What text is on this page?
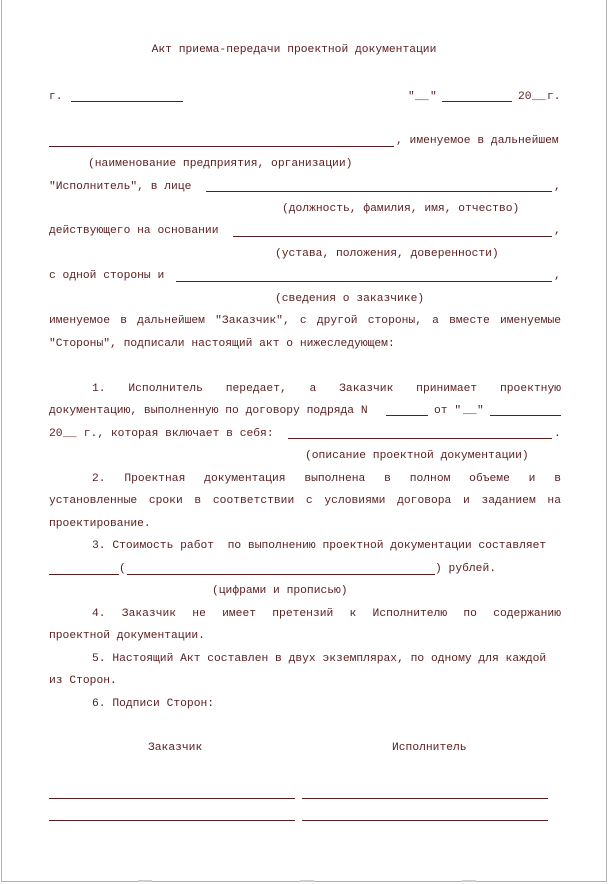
Акт приема-передачи проектной документации
г.	" __ "	20 __ г.
, именуемое в дальнейшем
(наименование предприятия, организации)
"Исполнитель", в лице	,
(должность, фамилия, имя, отчество)
действующего на основании	,
(устава, положения, доверенности)
с одной стороны и	,
(сведения о заказчике)
именуемое в дальнейшем "Заказчик", с другой стороны, а вместе именуемые
"Стороны", подписали настоящий акт о нижеследующем:
1. Исполнитель передает, а Заказчик принимает проектную
документацию, выполненную по договору подряда N	от " __ "
20 __ г., которая включает в себя:	.
(описание проектной документации)
2. Проектная документация выполнена в полном объеме и в
установленные сроки в соответствии с условиями договора и заданием на
проектирование.
3. Стоимость работ  по выполнению проектной документации составляет
(	) рублей.
(цифрами и прописью)
4. Заказчик не имеет претензий к Исполнителю по содержанию
проектной документации.
5. Настоящий Акт составлен в двух экземплярах, по одному для каждой
из Сторон.
6. Подписи Сторон:
Заказчик	Исполнитель
